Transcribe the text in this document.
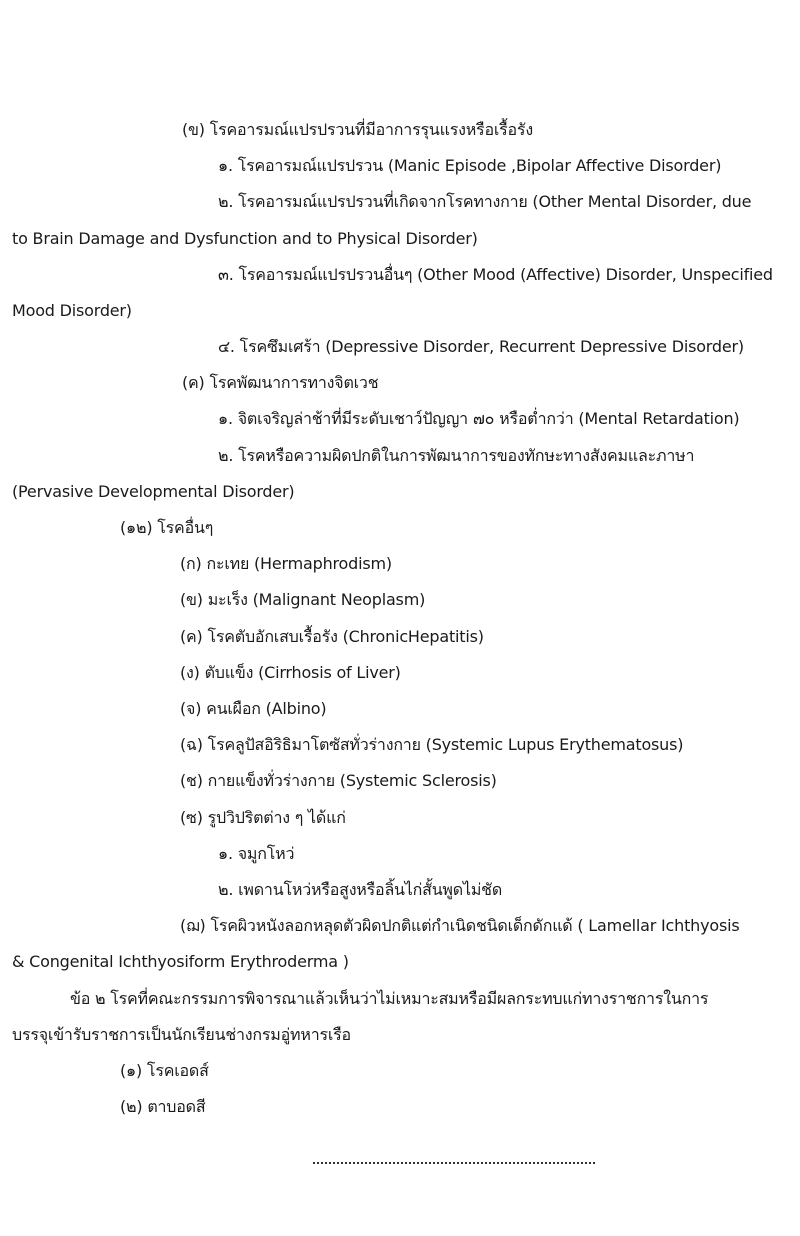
(ข) โรคอารมณ์แปรปรวนที่มีอาการรุนแรงหรือเรื้อรัง
๑. โรคอารมณ์แปรปรวน (Manic Episode ,Bipolar Affective Disorder)
๒. โรคอารมณ์แปรปรวนที่เกิดจากโรคทางกาย (Other Mental Disorder, due
to Brain Damage and Dysfunction and to Physical Disorder)
๓. โรคอารมณ์แปรปรวนอื่นๆ (Other Mood (Affective) Disorder, Unspecified
Mood Disorder)
๔. โรคซึมเศร้า (Depressive Disorder, Recurrent Depressive Disorder)
(ค) โรคพัฒนาการทางจิตเวช
๑. จิตเจริญล่าช้าที่มีระดับเชาว์ปัญญา ๗๐ หรือต่ำกว่า (Mental Retardation)
๒. โรคหรือความผิดปกติในการพัฒนาการของทักษะทางสังคมและภาษา
(Pervasive Developmental Disorder)
(๑๒) โรคอื่นๆ
(ก) กะเทย (Hermaphrodism)
(ข) มะเร็ง (Malignant Neoplasm)
(ค) โรคตับอักเสบเรื้อรัง (ChronicHepatitis)
(ง) ตับแข็ง (Cirrhosis of Liver)
(จ) คนเผือก (Albino)
(ฉ) โรคลูปัสอิริธิมาโตซัสทั่วร่างกาย (Systemic Lupus Erythematosus)
(ช) กายแข็งทั่วร่างกาย (Systemic Sclerosis)
(ซ) รูปวิปริตต่าง ๆ ได้แก่
๑. จมูกโหว่
๒. เพดานโหว่หรือสูงหรือลิ้นไก่สั้นพูดไม่ชัด
(ฌ) โรคผิวหนังลอกหลุดตัวผิดปกติแต่กำเนิดชนิดเด็กดักแด้ ( Lamellar Ichthyosis
& Congenital Ichthyosiform Erythroderma )
ข้อ ๒ โรคที่คณะกรรมการพิจารณาแล้วเห็นว่าไม่เหมาะสมหรือมีผลกระทบแก่ทางราชการในการ
บรรจุเข้ารับราชการเป็นนักเรียนช่างกรมอู่ทหารเรือ
(๑) โรคเอดส์
(๒) ตาบอดสี
